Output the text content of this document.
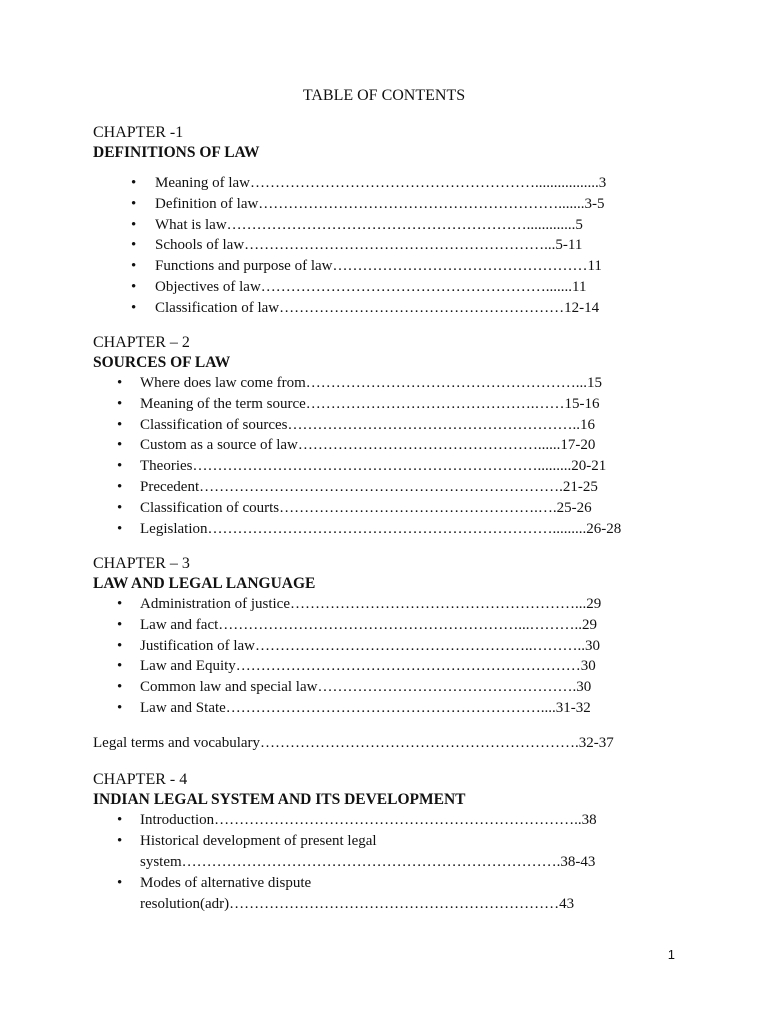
TABLE OF CONTENTS
CHAPTER -1
DEFINITIONS OF LAW
• Meaning of law………………………………………………….................3
• Definition of law…………………………………………………….......3-5
• What is law…………………………………………………….............5
• Schools of law……………………………………………………...5-11
• Functions and purpose of law……………………………………………11
• Objectives of law………………………………………………….......11
• Classification of law…………………………………………………12-14
CHAPTER – 2
SOURCES OF LAW
• Where does law come from………………………………………………...15
• Meaning of the term source……………………………………….……15-16
• Classification of sources…………………………………………………..16
• Custom as a source of law…………………………………………......17-20
• Theories…………………………………………………………….........20-21
• Precedent……………………………………………………………….21-25
• Classification of courts…………………………………………….….25-26
• Legislation…………………………………………………………….........26-28
CHAPTER – 3
LAW AND LEGAL LANGUAGE
• Administration of justice…………………………………………………...29
• Law and fact……………………………………………………...………..29
• Justification of law………………………………………………..………..30
• Law and Equity……………………………………………………………30
• Common law and special law…………………………………………….30
• Law and State………………………………………………………....31-32
Legal terms and vocabulary……………………………………………………….32-37
CHAPTER - 4
INDIAN LEGAL SYSTEM AND ITS DEVELOPMENT
• Introduction………………………………………………………………..38
• Historical development of present legal
system………………………………………………………………….38-43
• Modes of alternative dispute
resolution(adr)…………………………………………………………43
1
